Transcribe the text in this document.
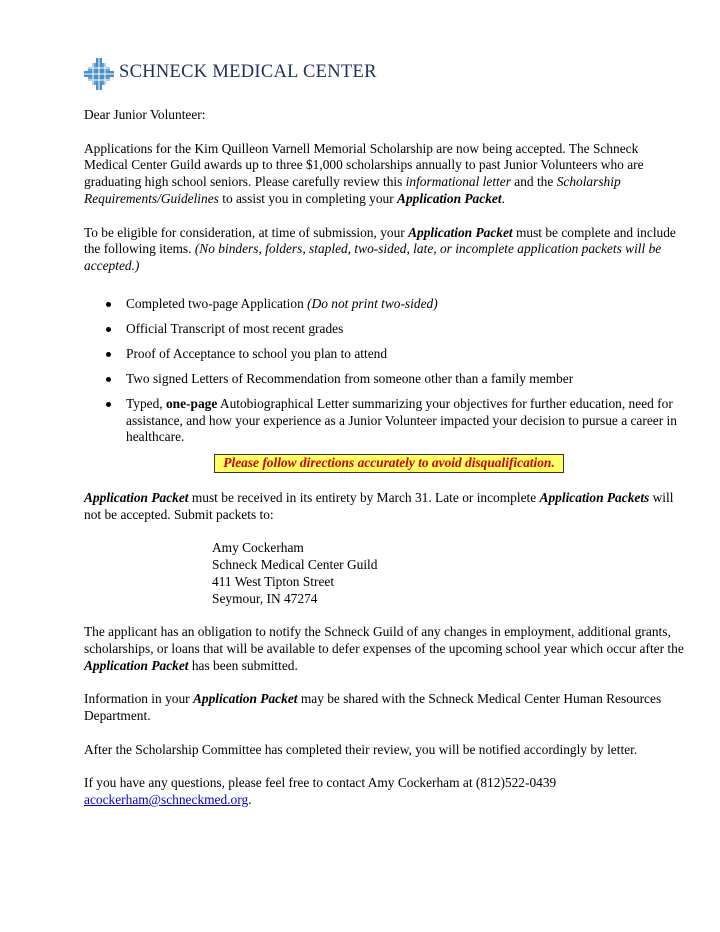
SCHNECK MEDICAL CENTER

Dear Junior Volunteer:

Applications for the Kim Quilleon Varnell Memorial Scholarship are now being accepted. The Schneck Medical Center Guild awards up to three $1,000 scholarships annually to past Junior Volunteers who are graduating high school seniors. Please carefully review this informational letter and the Scholarship Requirements/Guidelines to assist you in completing your Application Packet.

To be eligible for consideration, at time of submission, your Application Packet must be complete and include the following items. (No binders, folders, stapled, two-sided, late, or incomplete application packets will be accepted.)

Completed two-page Application (Do not print two-sided)
Official Transcript of most recent grades
Proof of Acceptance to school you plan to attend
Two signed Letters of Recommendation from someone other than a family member
Typed, one-page Autobiographical Letter summarizing your objectives for further education, need for assistance, and how your experience as a Junior Volunteer impacted your decision to pursue a career in healthcare.
Please follow directions accurately to avoid disqualification.

Application Packet must be received in its entirety by March 31. Late or incomplete Application Packets will not be accepted. Submit packets to:

Amy Cockerham

Schneck Medical Center Guild

411 West Tipton Street

Seymour, IN 47274

The applicant has an obligation to notify the Schneck Guild of any changes in employment, additional grants, scholarships, or loans that will be available to defer expenses of the upcoming school year which occur after the Application Packet has been submitted.

Information in your Application Packet may be shared with the Schneck Medical Center Human Resources Department.

After the Scholarship Committee has completed their review, you will be notified accordingly by letter.

If you have any questions, please feel free to contact Amy Cockerham at (812)522-0439
acockerham@schneckmed.org.
